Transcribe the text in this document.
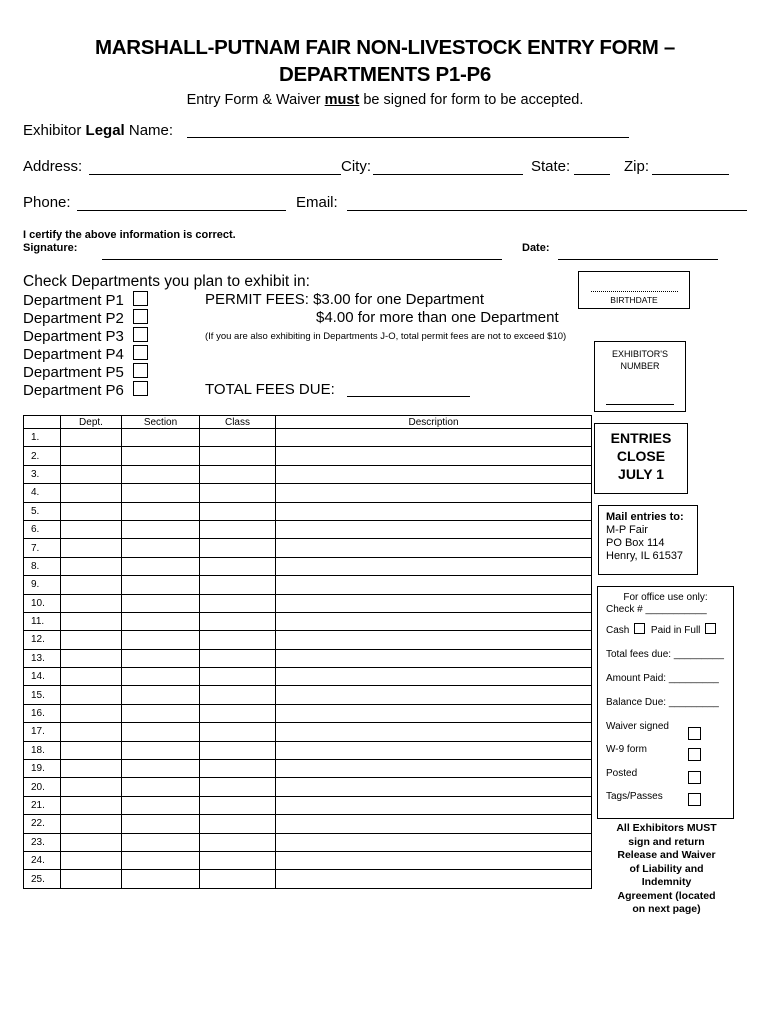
MARSHALL-PUTNAM FAIR NON-LIVESTOCK ENTRY FORM –
DEPARTMENTS P1-P6
Entry Form & Waiver must be signed for form to be accepted.
Exhibitor Legal Name:
Address:	City:	State:	Zip:
Phone:	Email:
I certify the above information is correct.
Signature:	Date:
Check Departments you plan to exhibit in:
Department P1
Department P2
Department P3
Department P4
Department P5
Department P6
PERMIT FEES: $3.00 for one Department
$4.00 for more than one Department
(If you are also exhibiting in Departments J-O, total permit fees are not to exceed $10)
TOTAL FEES DUE:
BIRTHDATE
EXHIBITOR'S
NUMBER
ENTRIES
CLOSE
JULY 1
Mail entries to:
M-P Fair
PO Box 114
Henry, IL 61537
For office use only:
Check # ___________
Cash Paid in Full
Total fees due: _________
Amount Paid: _________
Balance Due: _________
Waiver signed
W-9 form
Posted
Tags/Passes
All Exhibitors MUST
sign and return
Release and Waiver
of Liability and
Indemnity
Agreement (located
on next page)
	Dept.	Section	Class	Description
1.				
2.				
3.				
4.				
5.				
6.				
7.				
8.				
9.				
10.				
11.				
12.				
13.				
14.				
15.				
16.				
17.				
18.				
19.				
20.				
21.				
22.				
23.				
24.				
25.				
